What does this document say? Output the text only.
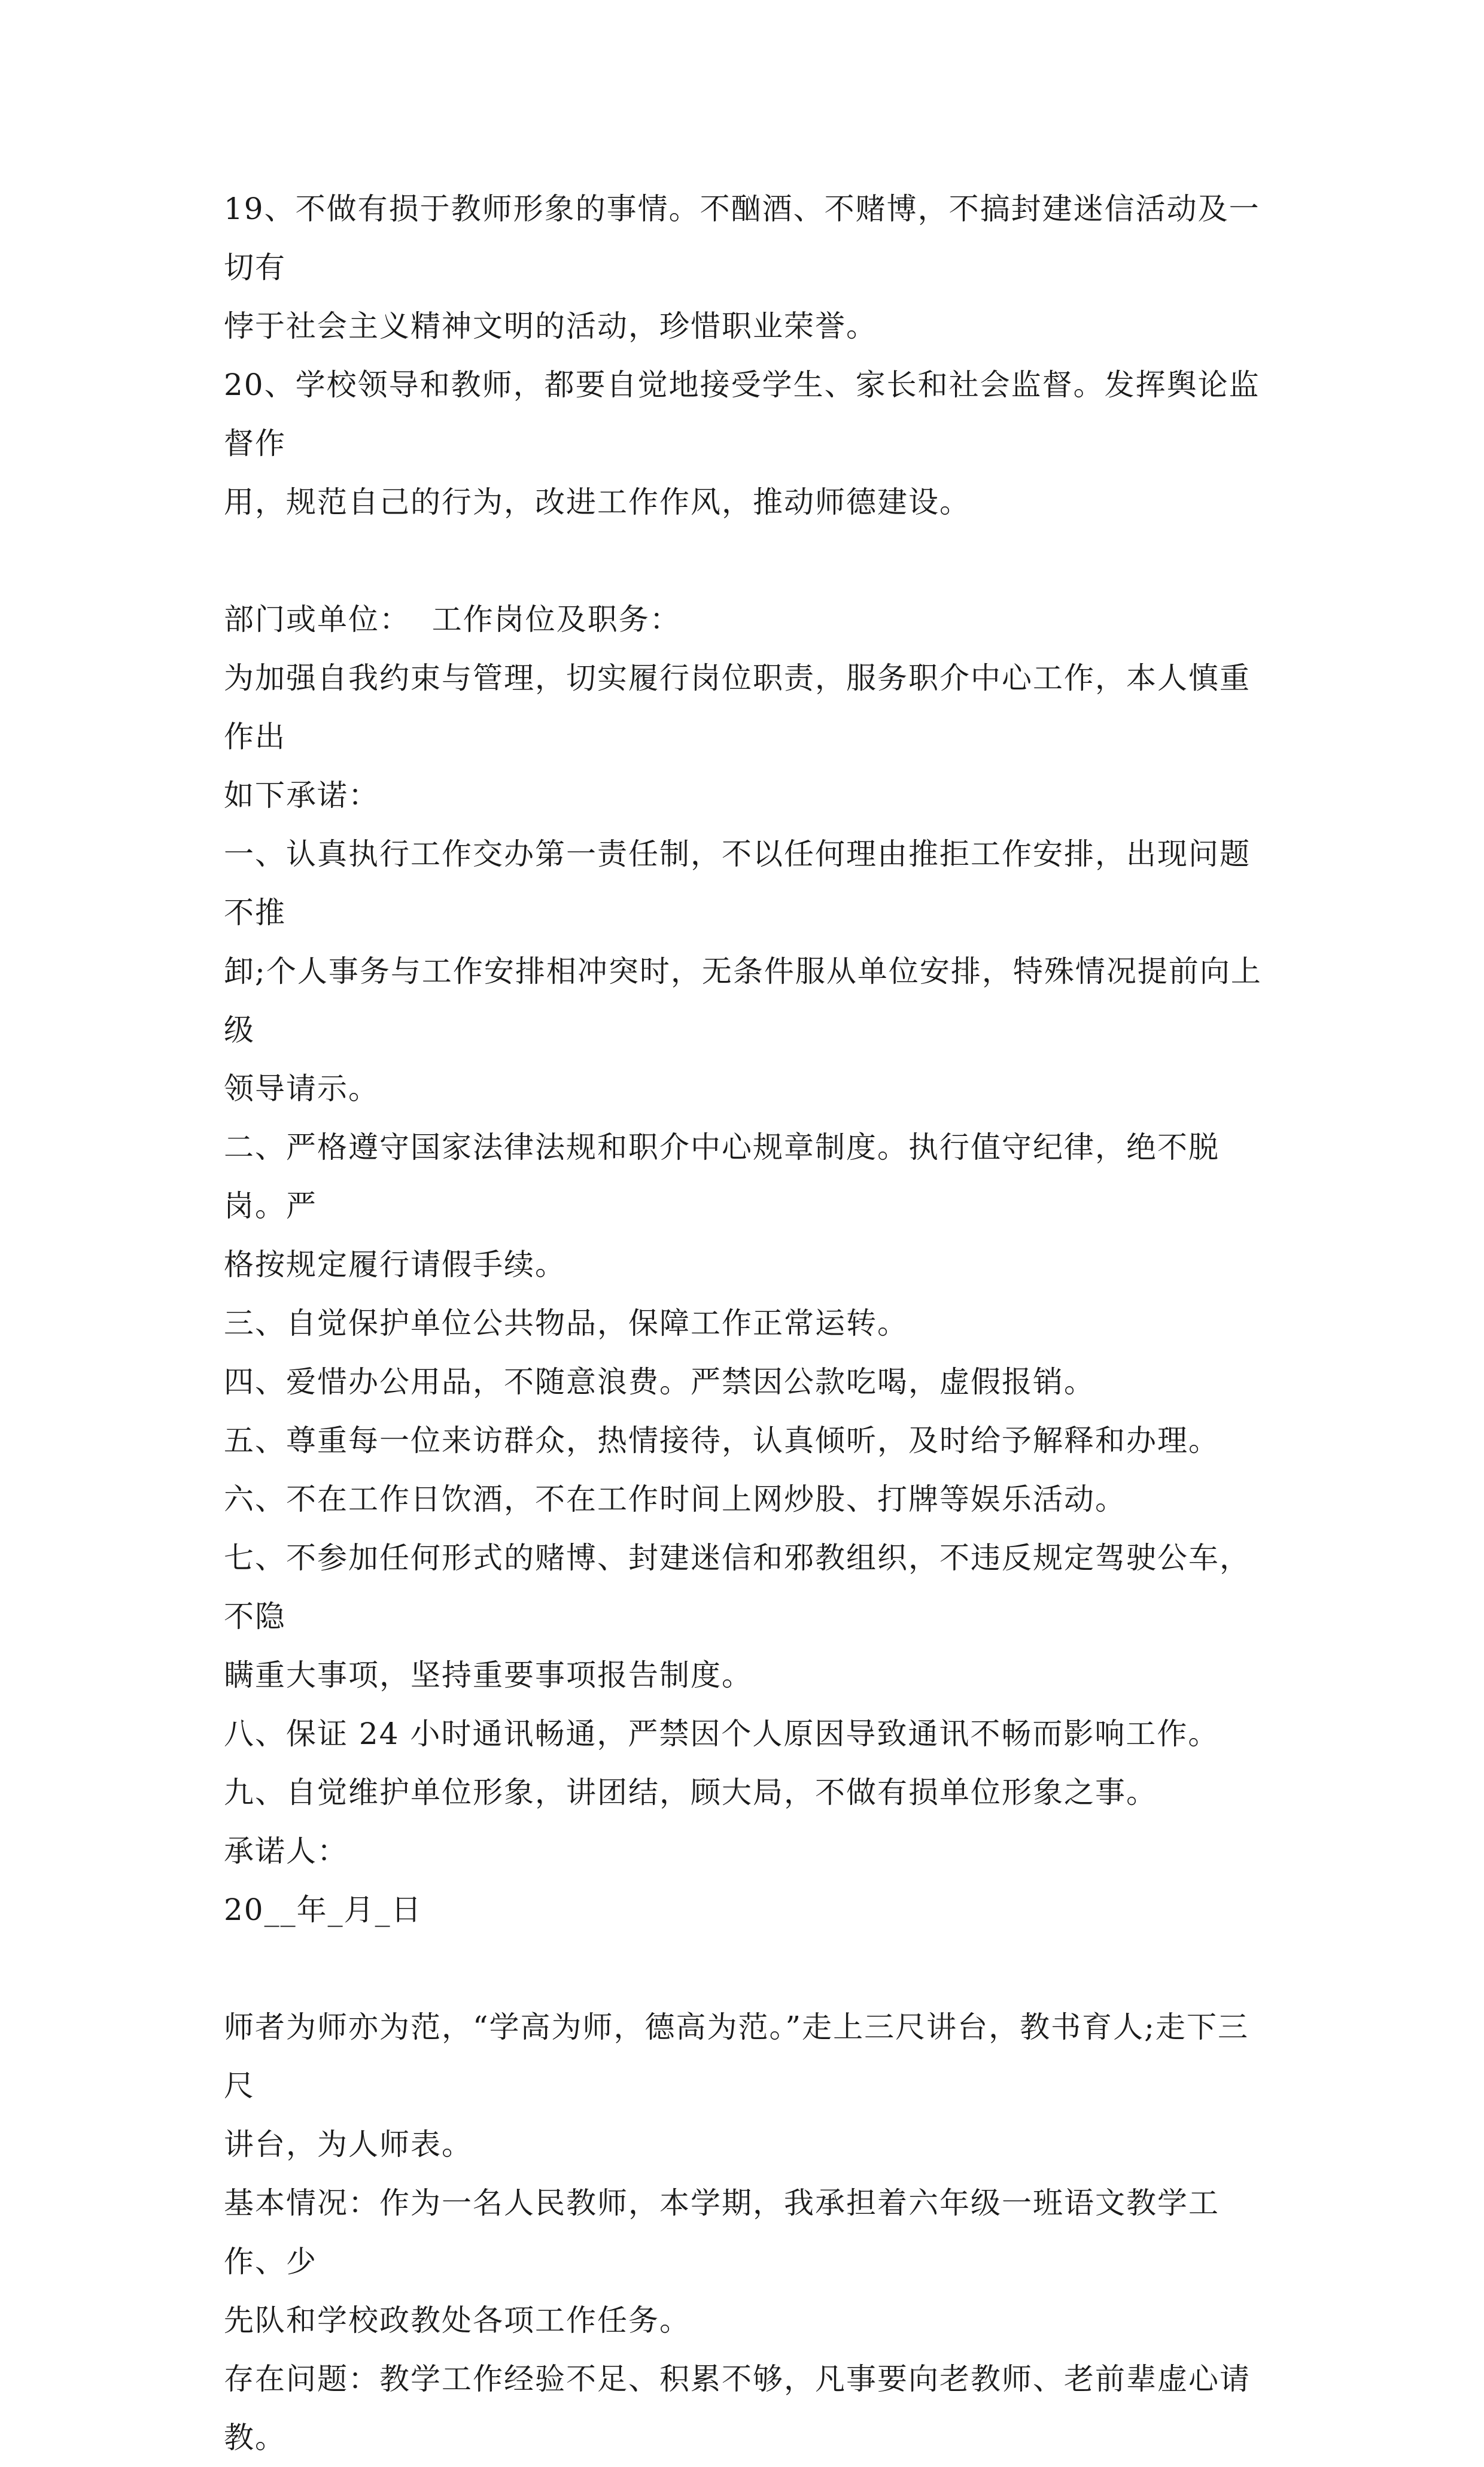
19、不做有损于教师形象的事情。不酗酒、不赌博，不搞封建迷信活动及一切有

悖于社会主义精神文明的活动，珍惜职业荣誉。

20、学校领导和教师，都要自觉地接受学生、家长和社会监督。发挥舆论监督作

用，规范自己的行为，改进工作作风，推动师德建设。

部门或单位：  工作岗位及职务：

为加强自我约束与管理，切实履行岗位职责，服务职介中心工作，本人慎重作出

如下承诺：

一、认真执行工作交办第一责任制，不以任何理由推拒工作安排，出现问题不推

卸;个人事务与工作安排相冲突时，无条件服从单位安排，特殊情况提前向上级

领导请示。

二、严格遵守国家法律法规和职介中心规章制度。执行值守纪律，绝不脱岗。严

格按规定履行请假手续。

三、自觉保护单位公共物品，保障工作正常运转。

四、爱惜办公用品，不随意浪费。严禁因公款吃喝，虚假报销。

五、尊重每一位来访群众，热情接待，认真倾听，及时给予解释和办理。

六、不在工作日饮酒，不在工作时间上网炒股、打牌等娱乐活动。

七、不参加任何形式的赌博、封建迷信和邪教组织，不违反规定驾驶公车，不隐

瞒重大事项，坚持重要事项报告制度。

八、保证 24 小时通讯畅通，严禁因个人原因导致通讯不畅而影响工作。

九、自觉维护单位形象，讲团结，顾大局，不做有损单位形象之事。

承诺人：

20__年_月_日

师者为师亦为范，“学高为师，德高为范。”走上三尺讲台，教书育人;走下三尺

讲台，为人师表。

基本情况：作为一名人民教师，本学期，我承担着六年级一班语文教学工作、少

先队和学校政教处各项工作任务。

存在问题：教学工作经验不足、积累不够，凡事要向老教师、老前辈虚心请教。
